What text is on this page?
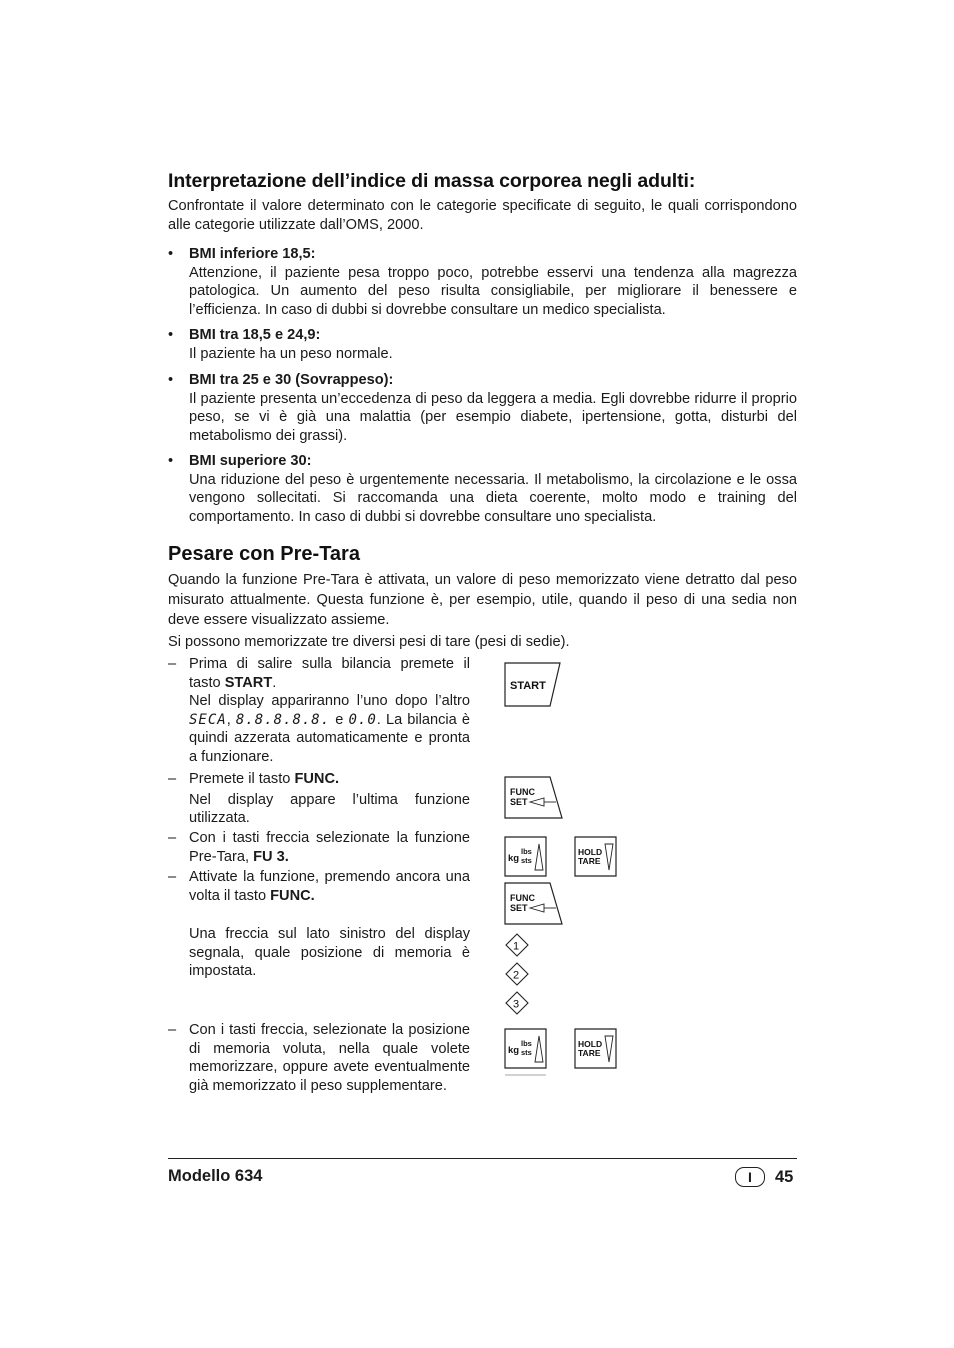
Interpretazione dell’indice di massa corporea negli adulti:
Confrontate il valore determinato con le categorie specificate di seguito, le quali corrispondono alle categorie utilizzate dall’OMS, 2000.
• BMI inferiore 18,5:
Attenzione, il paziente pesa troppo poco, potrebbe esservi una tendenza alla magrezza patologica. Un aumento del peso risulta consigliabile, per migliorare il benessere e l’efficienza. In caso di dubbi si dovrebbe consultare un medico specialista.
• BMI tra 18,5 e 24,9:
Il paziente ha un peso normale.
• BMI tra 25 e 30 (Sovrappeso):
Il paziente presenta un’eccedenza di peso da leggera a media. Egli dovrebbe ridurre il proprio peso, se vi è già una malattia (per esempio diabete, ipertensione, gotta, disturbi del metabolismo dei grassi).
• BMI superiore 30:
Una riduzione del peso è urgentemente necessaria. Il metabolismo, la circolazione e le ossa vengono sollecitati. Si raccomanda una dieta coerente, molto modo e training del comportamento. In caso di dubbi si dovrebbe consultare uno specialista.
Pesare con Pre-Tara
Quando la funzione Pre-Tara è attivata, un valore di peso memorizzato viene detratto dal peso misurato attualmente. Questa funzione è, per esempio, utile, quando il peso di una sedia non deve essere visualizzato assieme.
Si possono memorizzate tre diversi pesi di tare (pesi di sedie).
– Prima di salire sulla bilancia premete il tasto START.

Nel display appariranno l’uno dopo l’altro SECA, 8.8.8.8.8. e 0.0. La bilancia è quindi azzerata automaticamente e pronta a funzionare.

– Premete il tasto FUNC.

Nel display appare l’ultima funzione utilizzata.

– Con i tasti freccia selezionate la funzione Pre-Tara, FU 3.

– Attivate la funzione, premendo ancora una volta il tasto FUNC.

Una freccia sul lato sinistro del display segnala, quale posizione di memoria è impostata.

– Con i tasti freccia, selezionate la posizione di memoria voluta, nella quale volete memorizzare, oppure avete eventualmente già memorizzato il peso supplementare.

START
FUNC
SET
kg
lbs
sts
HOLD
TARE
FUNC
SET
1
2
3
kg
lbs
sts
HOLD
TARE
Modello 634	I	45
